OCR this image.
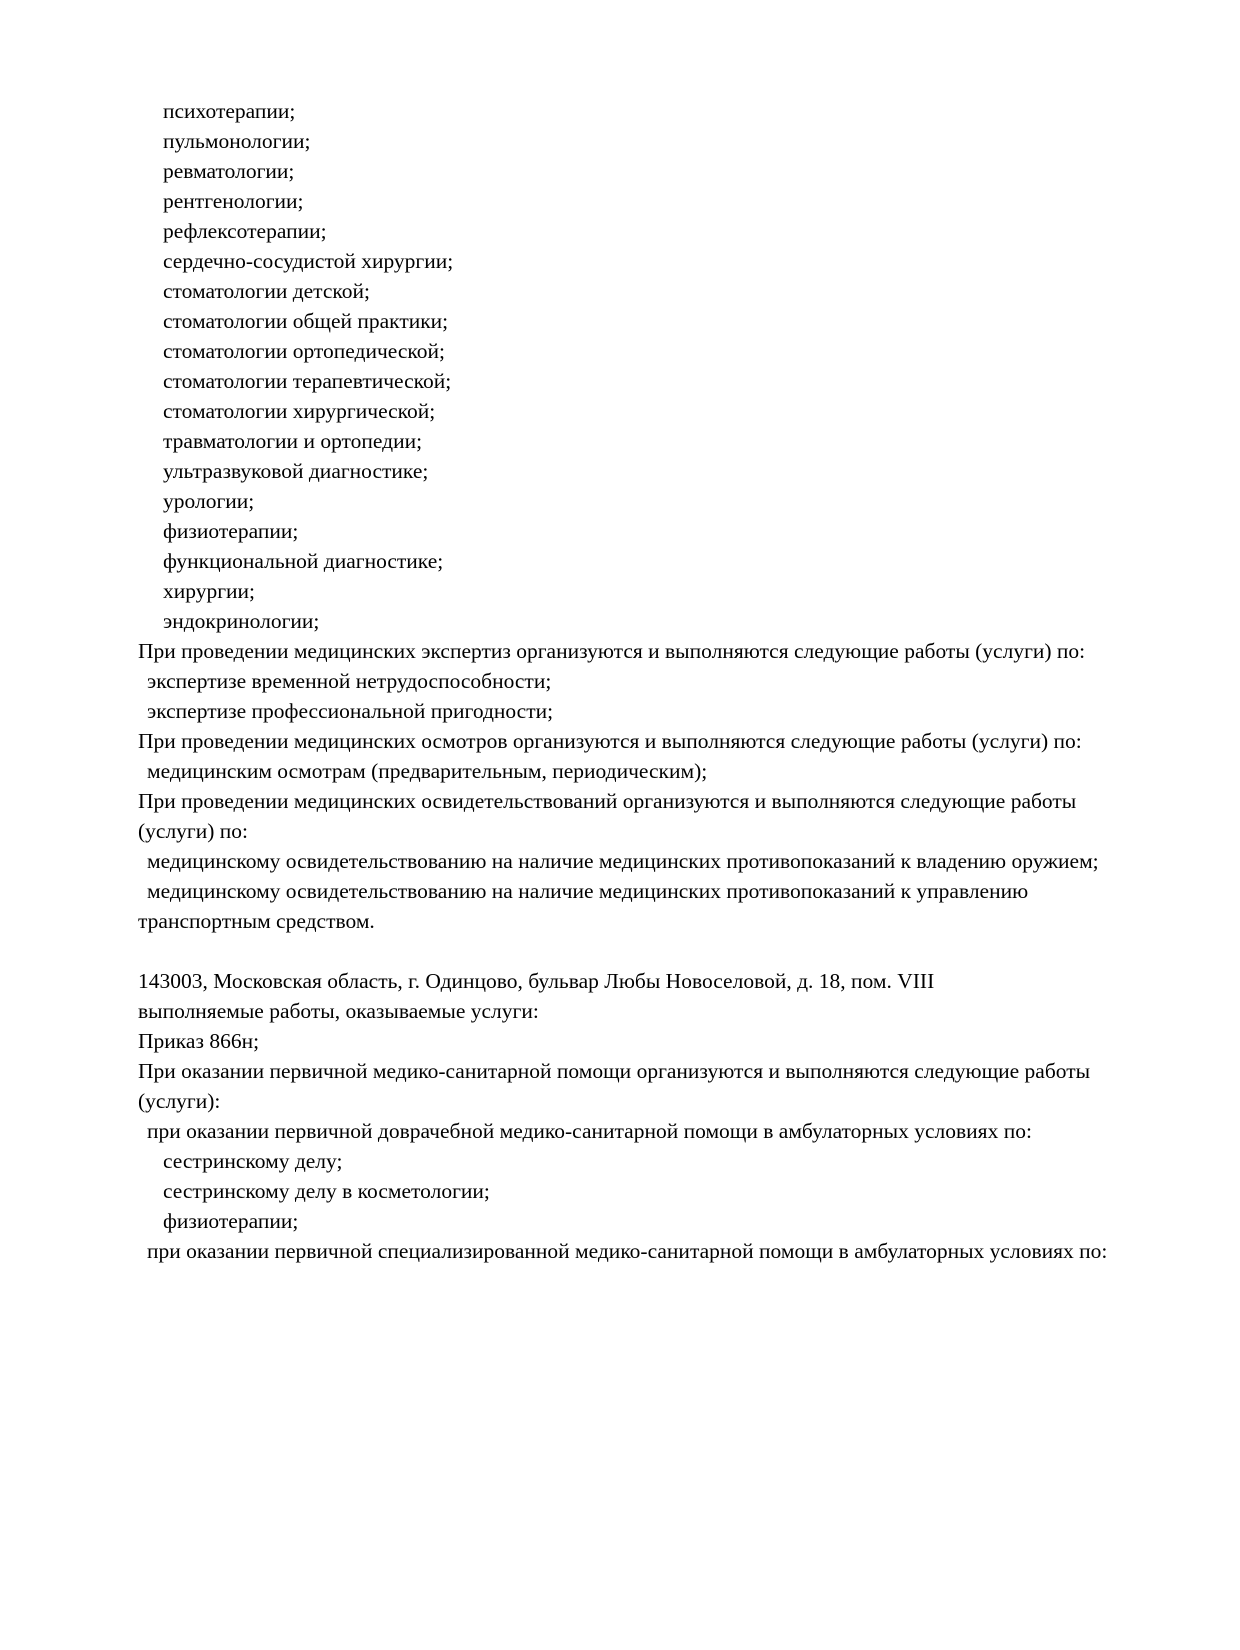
психотерапии;

пульмонологии;

ревматологии;

рентгенологии;

рефлексотерапии;

сердечно-сосудистой хирургии;

стоматологии детской;

стоматологии общей практики;

стоматологии ортопедической;

стоматологии терапевтической;

стоматологии хирургической;

травматологии и ортопедии;

ультразвуковой диагностике;

урологии;

физиотерапии;

функциональной диагностике;

хирургии;

эндокринологии;

При проведении медицинских экспертиз организуются и выполняются следующие работы (услуги) по:

экспертизе временной нетрудоспособности;

экспертизе профессиональной пригодности;

При проведении медицинских осмотров организуются и выполняются следующие работы (услуги) по:

медицинским осмотрам (предварительным, периодическим);

При проведении медицинских освидетельствований организуются и выполняются следующие работы (услуги) по:

медицинскому освидетельствованию на наличие медицинских противопоказаний к владению оружием;

медицинскому освидетельствованию на наличие медицинских противопоказаний к управлению транспортным средством.

143003, Московская область, г. Одинцово, бульвар Любы Новоселовой, д. 18, пом. VIII

выполняемые работы, оказываемые услуги:

Приказ 866н;

При оказании первичной медико-санитарной помощи организуются и выполняются следующие работы (услуги):

при оказании первичной доврачебной медико-санитарной помощи в амбулаторных условиях по:

сестринскому делу;

сестринскому делу в косметологии;

физиотерапии;

при оказании первичной специализированной медико-санитарной помощи в амбулаторных условиях по:
